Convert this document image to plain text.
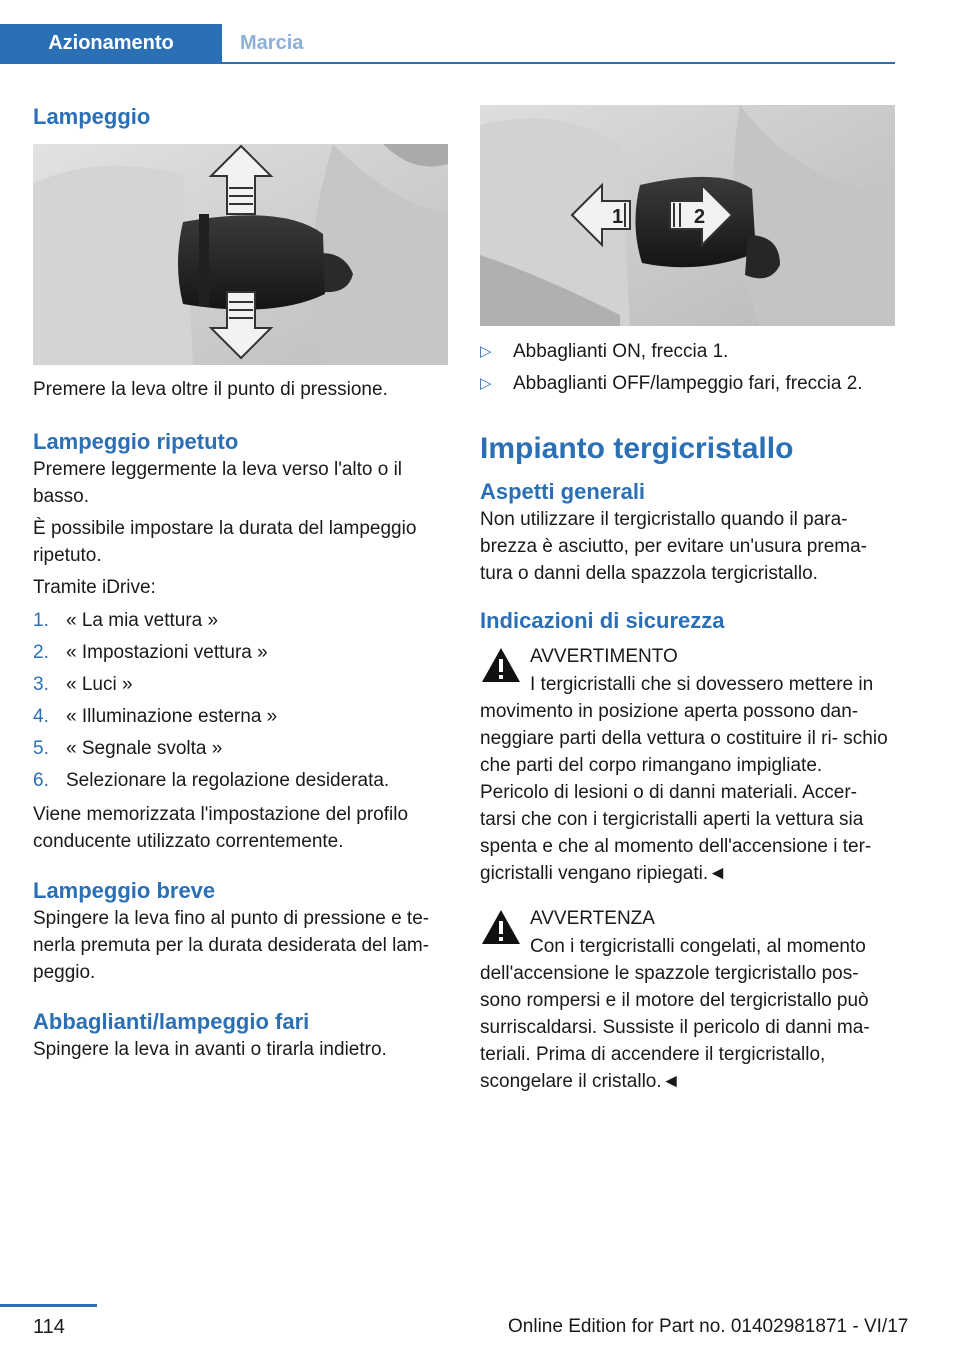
Azionamento	Marcia
Lampeggio

Premere la leva oltre il punto di pressione.

Lampeggio ripetuto

Premere leggermente la leva verso l'alto o il basso.

È possibile impostare la durata del lampeggio ripetuto.

Tramite iDrive:

1. « La mia vettura »
2. « Impostazioni vettura »
3. « Luci »
4. « Illuminazione esterna »
5. « Segnale svolta »
6. Selezionare la regolazione desiderata.

Viene memorizzata l'impostazione del profilo conducente utilizzato correntemente.

Lampeggio breve

Spingere la leva fino al punto di pressione e te- nerla premuta per la durata desiderata del lam- peggio.

Abbaglianti/lampeggio fari

Spingere la leva in avanti o tirarla indietro.

1	2
▷ Abbaglianti ON, freccia 1.
▷ Abbaglianti OFF/lampeggio fari, freccia 2.
Impianto tergicristallo
Aspetti generali

Non utilizzare il tergicristallo quando il para- brezza è asciutto, per evitare un'usura prema- tura o danni della spazzola tergicristallo.

Indicazioni di sicurezza
AVVERTIMENTO

I tergicristalli che si dovessero mettere in movimento in posizione aperta possono dan- neggiare parti della vettura o costituire il ri- schio che parti del corpo rimangano impigliate. Pericolo di lesioni o di danni materiali. Accer- tarsi che con i tergicristalli aperti la vettura sia spenta e che al momento dell'accensione i ter- gicristalli vengano ripiegati.◄

AVVERTENZA

Con i tergicristalli congelati, al momento dell'accensione le spazzole tergicristallo pos- sono rompersi e il motore del tergicristallo può surriscaldarsi. Sussiste il pericolo di danni ma- teriali. Prima di accendere il tergicristallo, scongelare il cristallo.◄

114	Online Edition for Part no. 01402981871 - VI/17
